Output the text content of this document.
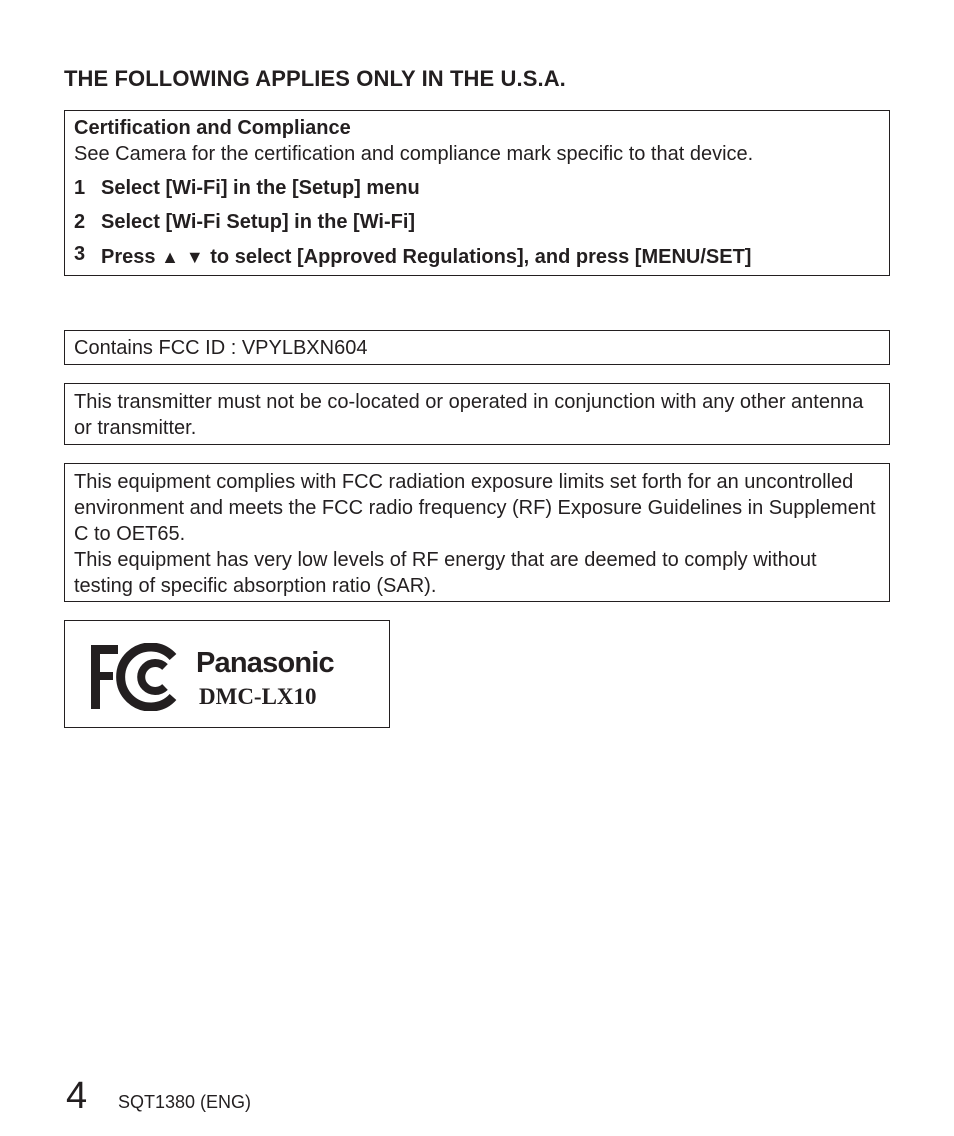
THE FOLLOWING APPLIES ONLY IN THE U.S.A.
Certification and Compliance
See Camera for the certification and compliance mark specific to that device.
1 Select [Wi-Fi] in the [Setup] menu
2 Select [Wi-Fi Setup] in the [Wi-Fi]
3 Press ▲ ▼ to select [Approved Regulations], and press [MENU/SET]
Contains FCC ID : VPYLBXN604
This transmitter must not be co-located or operated in conjunction with any other antenna or transmitter.
This equipment complies with FCC radiation exposure limits set forth for an uncontrolled environment and meets the FCC radio frequency (RF) Exposure Guidelines in Supplement C to OET65.
This equipment has very low levels of RF energy that are deemed to comply without testing of specific absorption ratio (SAR).
Panasonic
DMC-LX10
4 SQT1380 (ENG)
